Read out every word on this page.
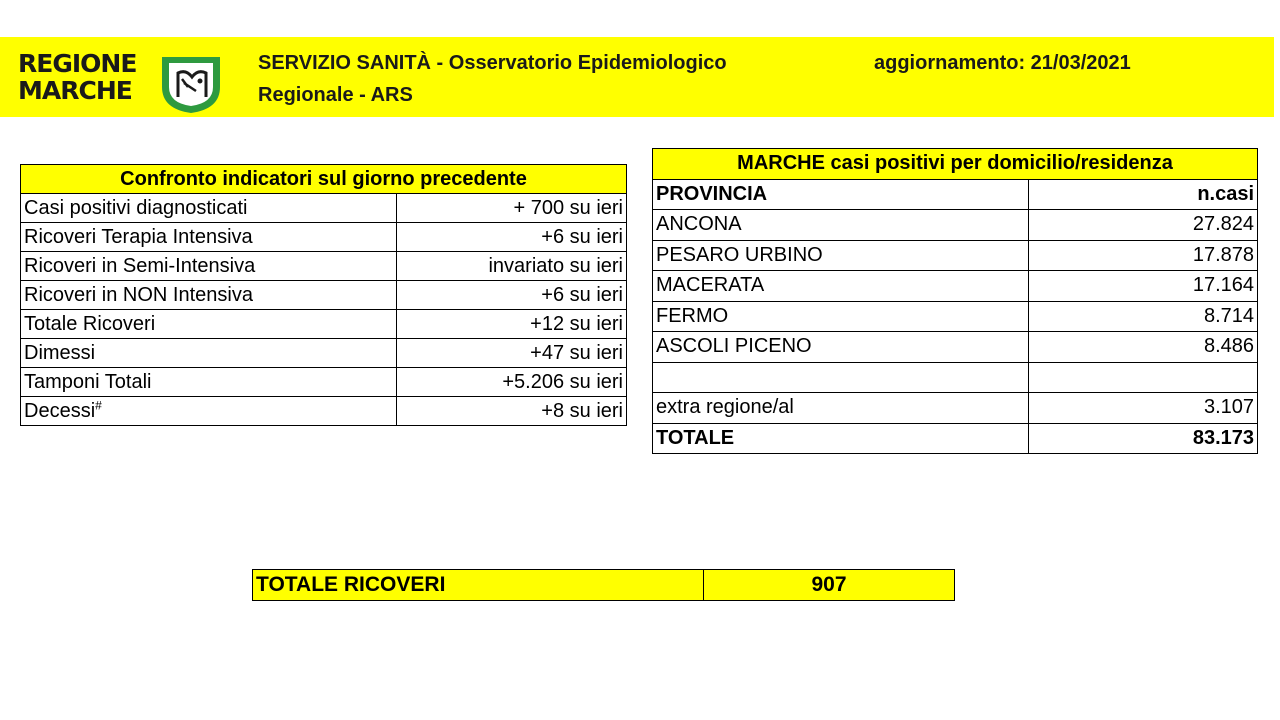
REGIONE
MARCHE
SERVIZIO SANITÀ - Osservatorio Epidemiologico
Regionale - ARS
aggiornamento: 21/03/2021
Confronto indicatori sul giorno precedente	
Casi positivi diagnosticati	+ 700 su ieri
Ricoveri Terapia Intensiva	+6 su ieri
Ricoveri in Semi-Intensiva	invariato su ieri
Ricoveri in NON Intensiva	+6 su ieri
Totale Ricoveri	+12 su ieri
Dimessi	+47 su ieri
Tamponi Totali	+5.206 su ieri
Decessi#	+8 su ieri
MARCHE casi positivi per domicilio/residenza	
PROVINCIA	n.casi
ANCONA	27.824
PESARO URBINO	17.878
MACERATA	17.164
FERMO	8.714
ASCOLI PICENO	8.486

extra regione/al	3.107
TOTALE	83.173
TOTALE RICOVERI	907
